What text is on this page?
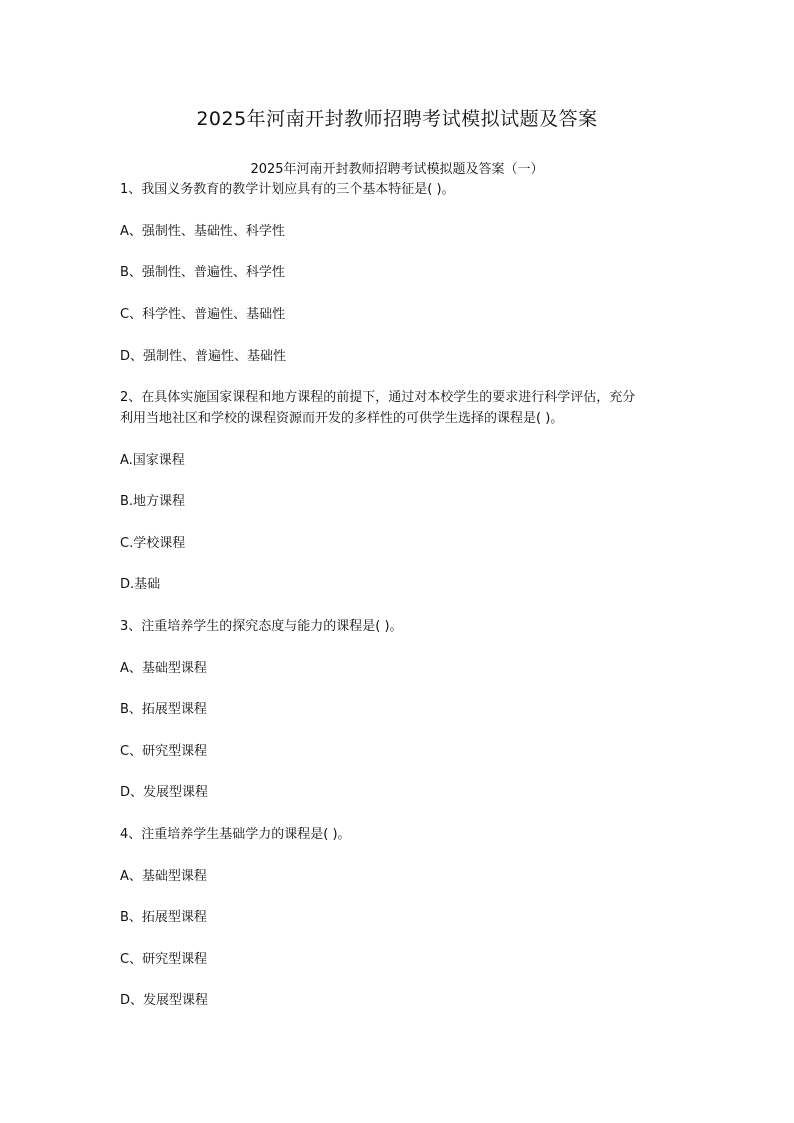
2025年河南开封教师招聘考试模拟试题及答案
2025年河南开封教师招聘考试模拟题及答案（一）
1、我国义务教育的教学计划应具有的三个基本特征是( )。
A、强制性、基础性、科学性
B、强制性、普遍性、科学性
C、科学性、普遍性、基础性
D、强制性、普遍性、基础性
2、在具体实施国家课程和地方课程的前提下，通过对本校学生的要求进行科学评估，充分
利用当地社区和学校的课程资源而开发的多样性的可供学生选择的课程是( )。
A.国家课程
B.地方课程
C.学校课程
D.基础
3、注重培养学生的探究态度与能力的课程是( )。
A、基础型课程
B、拓展型课程
C、研究型课程
D、发展型课程
4、注重培养学生基础学力的课程是( )。
A、基础型课程
B、拓展型课程
C、研究型课程
D、发展型课程
